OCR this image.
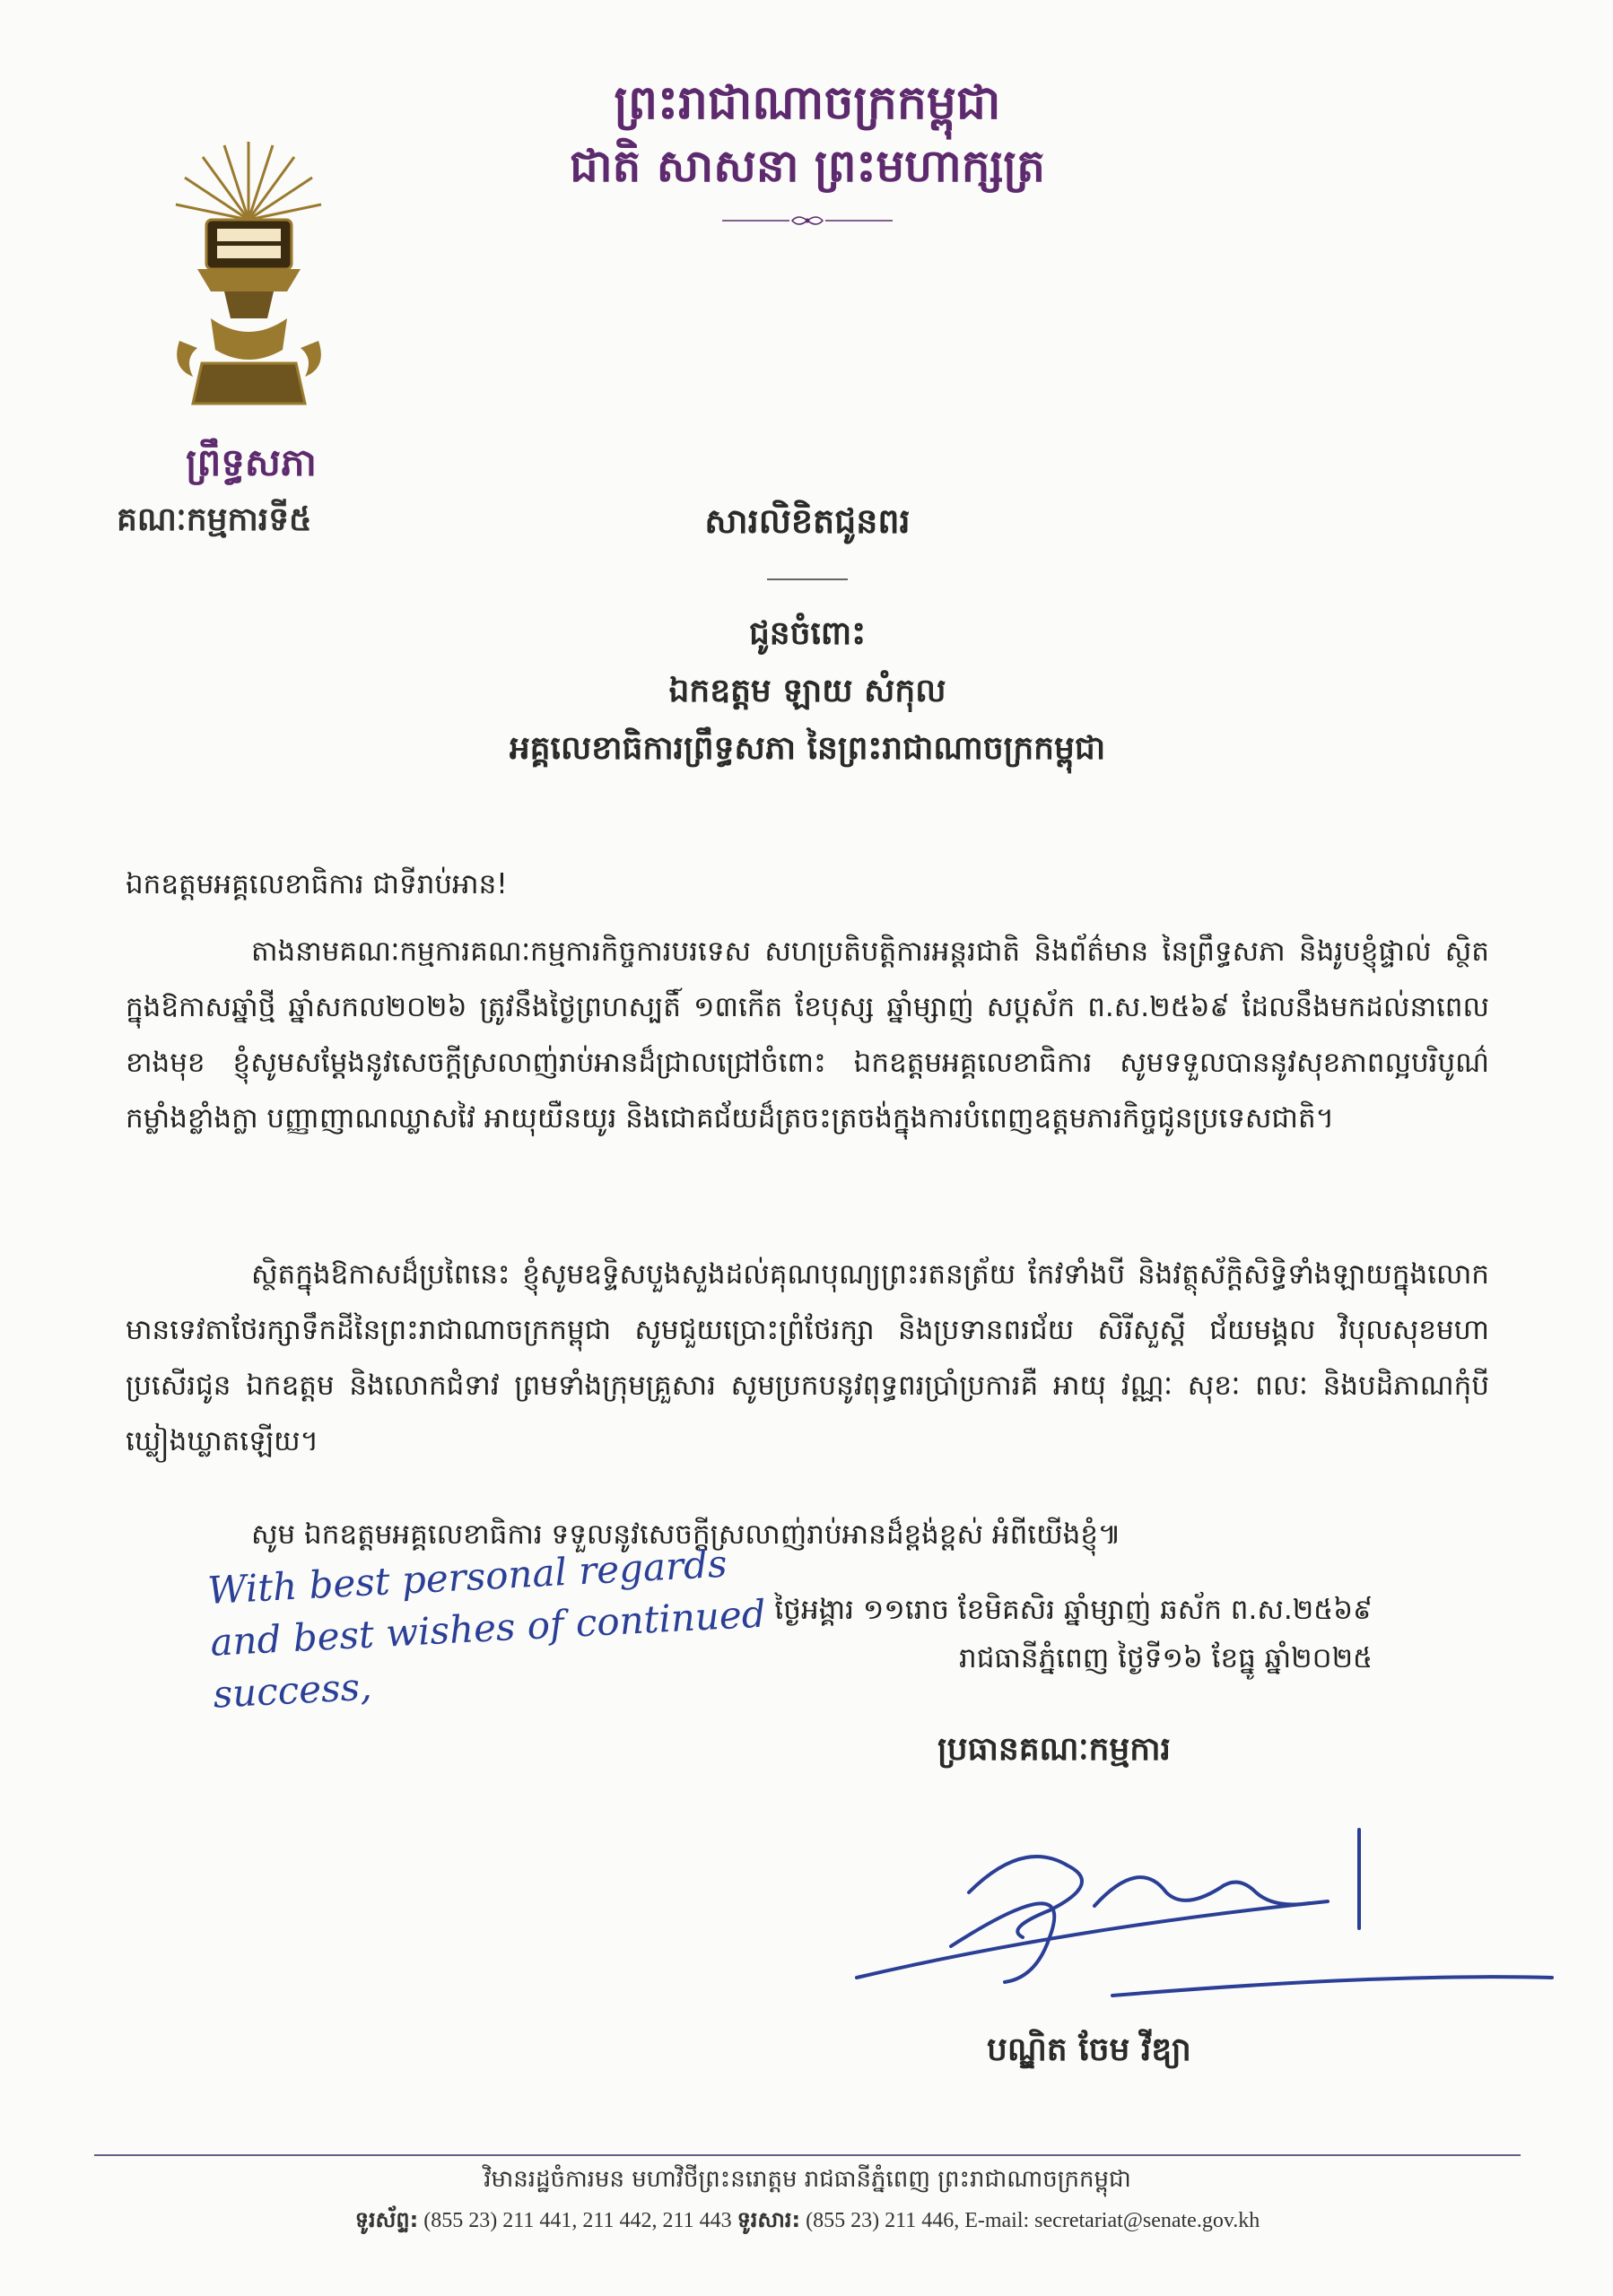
ព្រះរាជាណាចក្រកម្ពុជា
ជាតិ សាសនា ព្រះមហាក្សត្រ
ព្រឹទ្ធសភា
គណៈកម្មការទី៥	សារលិខិតជូនពរ
ជូនចំពោះ
ឯកឧត្តម ឡាយ សំកុល
អគ្គលេខាធិការព្រឹទ្ធសភា នៃព្រះរាជាណាចក្រកម្ពុជា
ឯកឧត្តមអគ្គលេខាធិការ ជាទីរាប់អាន!
តាងនាមគណៈកម្មការគណៈកម្មការកិច្ចការបរទេស សហប្រតិបត្តិការអន្តរជាតិ និងព័ត៌មាន នៃព្រឹទ្ធសភា និងរូបខ្ញុំផ្ទាល់ ស្ថិតក្នុងឱកាសឆ្នាំថ្មី ឆ្នាំសកល២០២៦ ត្រូវនឹងថ្ងៃព្រហស្បតិ៍ ១៣កើត ខែបុស្ស ឆ្នាំម្សាញ់ សប្តស័ក ព.ស.២៥៦៩ ដែលនឹងមកដល់នាពេលខាងមុខ ខ្ញុំសូមសម្តែងនូវសេចក្តីស្រលាញ់រាប់អានដ៏ជ្រាលជ្រៅចំពោះ ឯកឧត្តមអគ្គលេខាធិការ សូមទទួលបាននូវសុខភាពល្អបរិបូណ៌ កម្លាំងខ្លាំងក្លា បញ្ញាញាណឈ្លាសវៃ អាយុយឺនយូរ និងជោគជ័យដ៏ត្រចះត្រចង់ក្នុងការបំពេញឧត្តមភារកិច្ចជូនប្រទេសជាតិ។
ស្ថិតក្នុងឱកាសដ៏ប្រពៃនេះ ខ្ញុំសូមឧទ្ទិសបួងសួងដល់គុណបុណ្យព្រះរតនត្រ័យ កែវទាំងបី និងវត្ថុស័ក្តិសិទ្ធិទាំងឡាយក្នុងលោក មានទេវតាថែរក្សាទឹកដីនៃព្រះរាជាណាចក្រកម្ពុជា សូមជួយប្រោះព្រំថែរក្សា និងប្រទានពរជ័យ សិរីសួស្តី ជ័យមង្គល វិបុលសុខមហាប្រសើរជូន ឯកឧត្តម និងលោកជំទាវ ព្រមទាំងក្រុមគ្រួសារ សូមប្រកបនូវពុទ្ធពរប្រាំប្រការគឺ អាយុ វណ្ណៈ សុខៈ ពលៈ និងបដិភាណកុំបីឃ្លៀងឃ្លាតឡើយ។
សូម ឯកឧត្តមអគ្គលេខាធិការ ទទួលនូវសេចក្តីស្រលាញ់រាប់អានដ៏ខ្ពង់ខ្ពស់ អំពីយើងខ្ញុំ៕
With best personal regards and best wishes of continued success,
ថ្ងៃអង្គារ ១១រោច ខែមិគសិរ ឆ្នាំម្សាញ់ ឆស័ក ព.ស.២៥៦៩
រាជធានីភ្នំពេញ ថ្ងៃទី១៦ ខែធ្នូ ឆ្នាំ២០២៥
ប្រធានគណៈកម្មការ
បណ្ឌិត ចែម វីឌ្យា
វិមានរដ្ឋចំការមន មហាវិថីព្រះនរោត្តម រាជធានីភ្នំពេញ ព្រះរាជាណាចក្រកម្ពុជា
ទូរស័ព្ទ: (855 23) 211 441, 211 442, 211 443 ទូរសារ: (855 23) 211 446, E-mail: secretariat@senate.gov.kh
